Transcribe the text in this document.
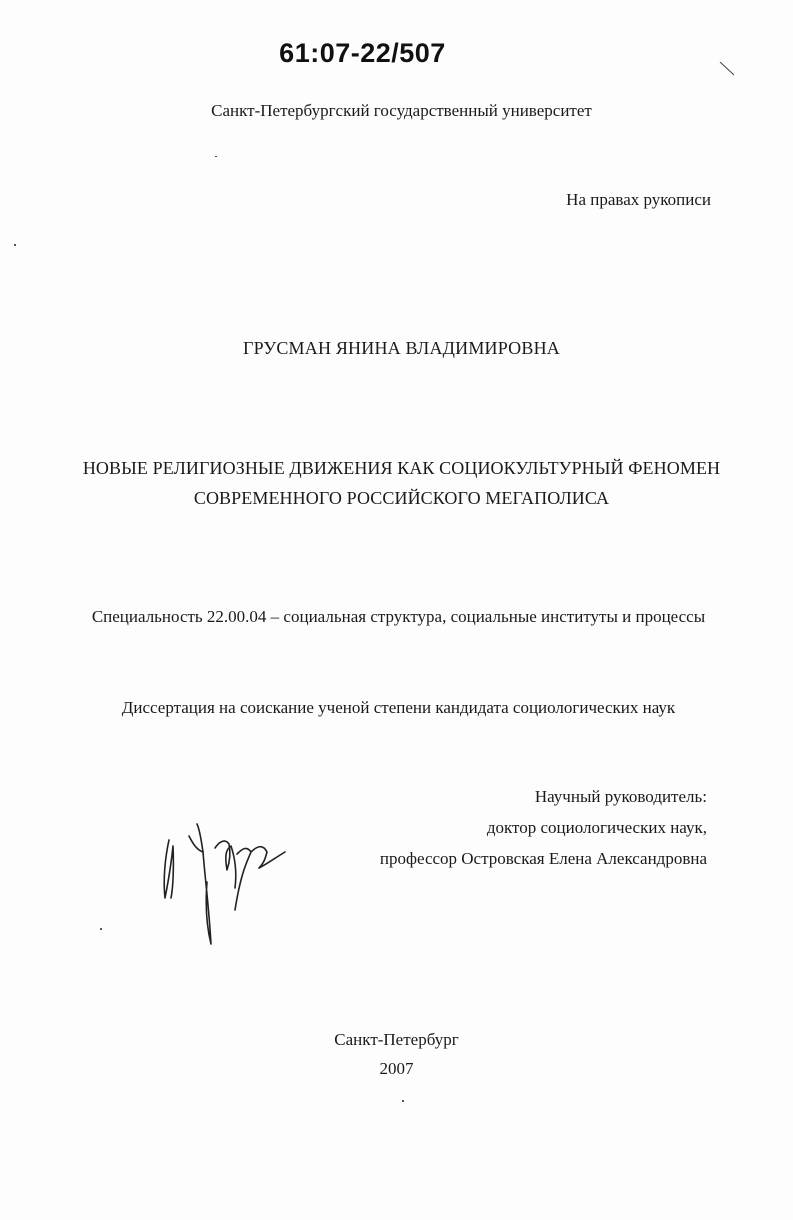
61:07-22/507
Санкт-Петербургский государственный университет
На правах рукописи
ГРУСМАН ЯНИНА ВЛАДИМИРОВНА
НОВЫЕ РЕЛИГИОЗНЫЕ ДВИЖЕНИЯ КАК СОЦИОКУЛЬТУРНЫЙ ФЕНОМЕН
СОВРЕМЕННОГО РОССИЙСКОГО МЕГАПОЛИСА
Специальность 22.00.04 – социальная структура, социальные институты и процессы
Диссертация на соискание ученой степени кандидата социологических наук
Научный руководитель:
доктор социологических наук,
профессор Островская Елена Александровна
Санкт-Петербург
2007
